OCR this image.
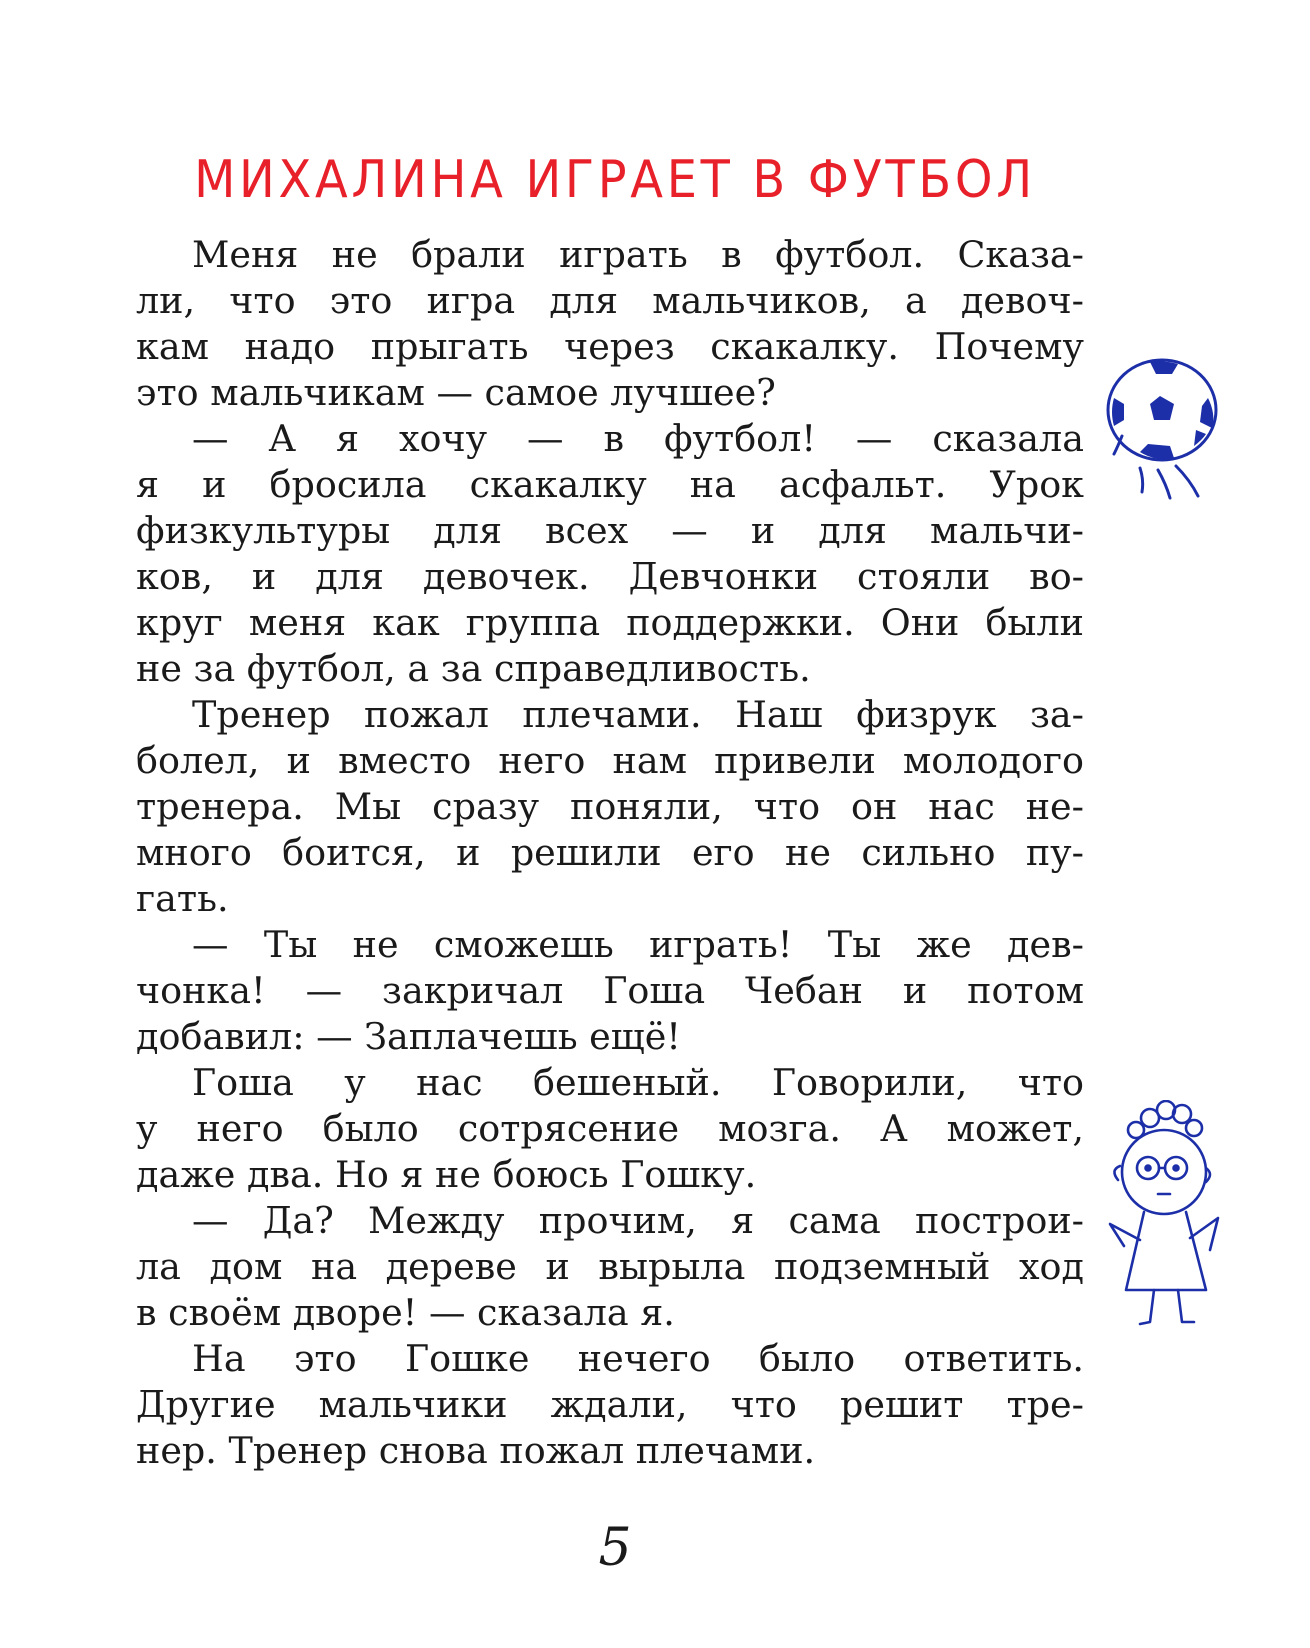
МИХАЛИНА ИГРАЕТ В ФУТБОЛ
Меня не брали играть в футбол. Сказа-
ли, что это игра для мальчиков, а девоч-
кам надо прыгать через скакалку. Почему
это мальчикам — самое лучшее?
— А я хочу — в футбол! — сказала
я и бросила скакалку на асфальт. Урок
физкультуры для всех — и для мальчи-
ков, и для девочек. Девчонки стояли во-
круг меня как группа поддержки. Они были
не за футбол, а за справедливость.
Тренер пожал плечами. Наш физрук за-
болел, и вместо него нам привели молодого
тренера. Мы сразу поняли, что он нас не-
много боится, и решили его не сильно пу-
гать.
— Ты не сможешь играть! Ты же дев-
чонка! — закричал Гоша Чебан и потом
добавил: — Заплачешь ещё!
Гоша у нас бешеный. Говорили, что
у него было сотрясение мозга. А может,
даже два. Но я не боюсь Гошку.
— Да? Между прочим, я сама построи-
ла дом на дереве и вырыла подземный ход
в своём дворе! — сказала я.
На это Гошке нечего было ответить.
Другие мальчики ждали, что решит тре-
нер. Тренер снова пожал плечами.
5
